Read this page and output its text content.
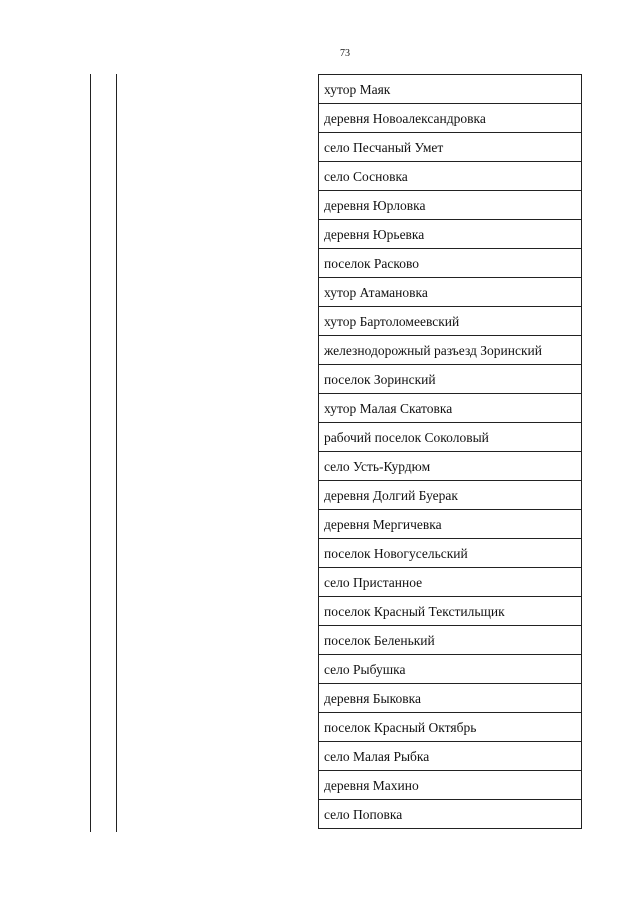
73
хутор Маяк
деревня Новоалександровка
село Песчаный Умет
село Сосновка
деревня Юрловка
деревня Юрьевка
поселок Расково
хутор Атамановка
хутор Бартоломеевский
железнодорожный разъезд Зоринский
поселок Зоринский
хутор Малая Скатовка
рабочий поселок Соколовый
село Усть-Курдюм
деревня Долгий Буерак
деревня Мергичевка
поселок Новогусельский
село Пристанное
поселок Красный Текстильщик
поселок Беленький
село Рыбушка
деревня Быковка
поселок Красный Октябрь
село Малая Рыбка
деревня Махино
село Поповка
